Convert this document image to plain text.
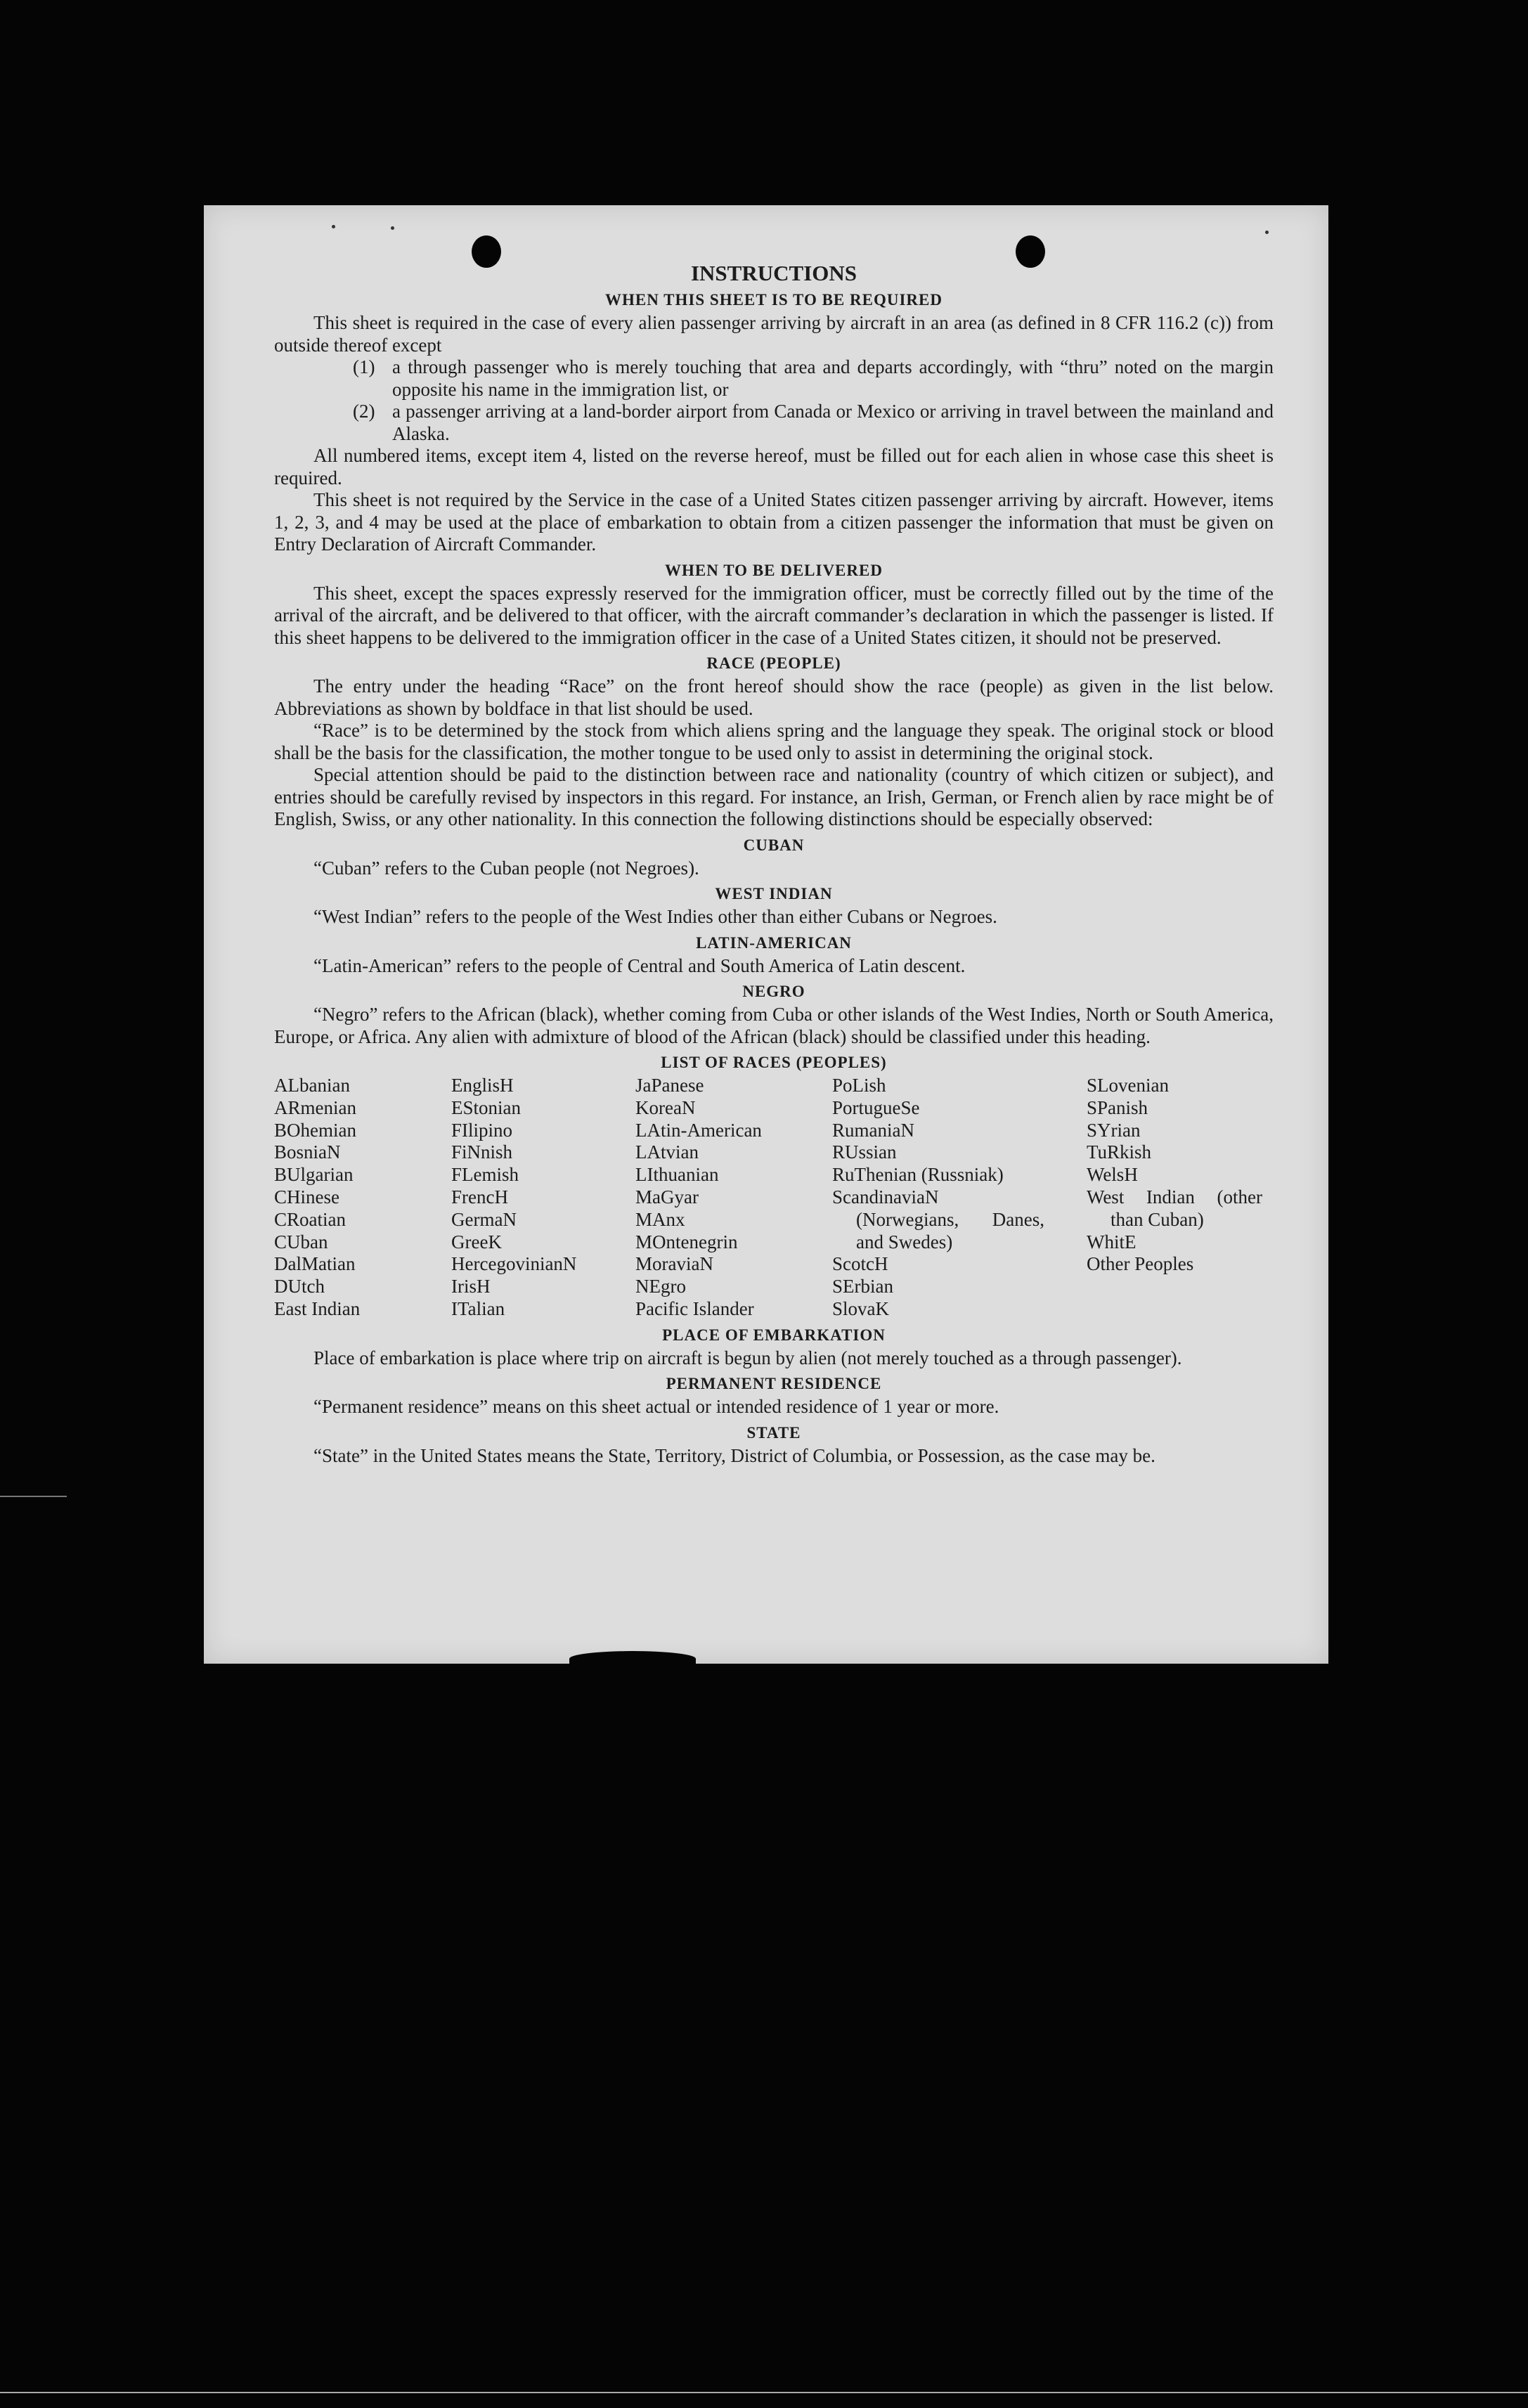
INSTRUCTIONS
WHEN THIS SHEET IS TO BE REQUIRED

This sheet is required in the case of every alien passenger arriving by aircraft in an area (as defined in 8 CFR 116.2 (c)) from outside thereof except

(1) a through passenger who is merely touching that area and departs accordingly, with “thru” noted on the margin opposite his name in the immigration list, or
(2) a passenger arriving at a land-border airport from Canada or Mexico or arriving in travel between the mainland and Alaska.

All numbered items, except item 4, listed on the reverse hereof, must be filled out for each alien in whose case this sheet is required.

This sheet is not required by the Service in the case of a United States citizen passenger arriving by aircraft. However, items 1, 2, 3, and 4 may be used at the place of embarkation to obtain from a citizen passenger the information that must be given on Entry Declaration of Aircraft Commander.

WHEN TO BE DELIVERED

This sheet, except the spaces expressly reserved for the immigration officer, must be correctly filled out by the time of the arrival of the aircraft, and be delivered to that officer, with the aircraft commander’s declaration in which the passenger is listed. If this sheet happens to be delivered to the immigration officer in the case of a United States citizen, it should not be preserved.

RACE (PEOPLE)

The entry under the heading “Race” on the front hereof should show the race (people) as given in the list below. Abbreviations as shown by boldface in that list should be used.

“Race” is to be determined by the stock from which aliens spring and the language they speak. The original stock or blood shall be the basis for the classification, the mother tongue to be used only to assist in determining the original stock.

Special attention should be paid to the distinction between race and nationality (country of which citizen or subject), and entries should be carefully revised by inspectors in this regard. For instance, an Irish, German, or French alien by race might be of English, Swiss, or any other nationality. In this connection the following distinctions should be especially observed:

CUBAN

“Cuban” refers to the Cuban people (not Negroes).

WEST INDIAN

“West Indian” refers to the people of the West Indies other than either Cubans or Negroes.

LATIN-AMERICAN

“Latin-American” refers to the people of Central and South America of Latin descent.

NEGRO

“Negro” refers to the African (black), whether coming from Cuba or other islands of the West Indies, North or South America, Europe, or Africa. Any alien with admixture of blood of the African (black) should be classified under this heading.

LIST OF RACES (PEOPLES)
ALbanian
ARmenian
BOhemian
BosniaN
BUlgarian
CHinese
CRoatian
CUban
DalMatian
DUtch
East Indian
EnglisH
EStonian
FIlipino
FiNnish
FLemish
FrencH
GermaN
GreeK
HercegovinianN
IrisH
ITalian
JaPanese
KoreaN
LAtin-American
LAtvian
LIthuanian
MaGyar
MAnx
MOntenegrin
MoraviaN
NEgro
Pacific Islander
PoLish
PortugueSe
RumaniaN
RUssian
RuThenian (Russniak)
ScandinaviaN (Norwegians, Danes, and Swedes)
ScotcH
SErbian
SlovaK
SLovenian
SPanish
SYrian
TuRkish
WelsH
West Indian (other than Cuban)
WhitE
Other Peoples
PLACE OF EMBARKATION

Place of embarkation is place where trip on aircraft is begun by alien (not merely touched as a through passenger).

PERMANENT RESIDENCE

“Permanent residence” means on this sheet actual or intended residence of 1 year or more.

STATE

“State” in the United States means the State, Territory, District of Columbia, or Possession, as the case may be.
